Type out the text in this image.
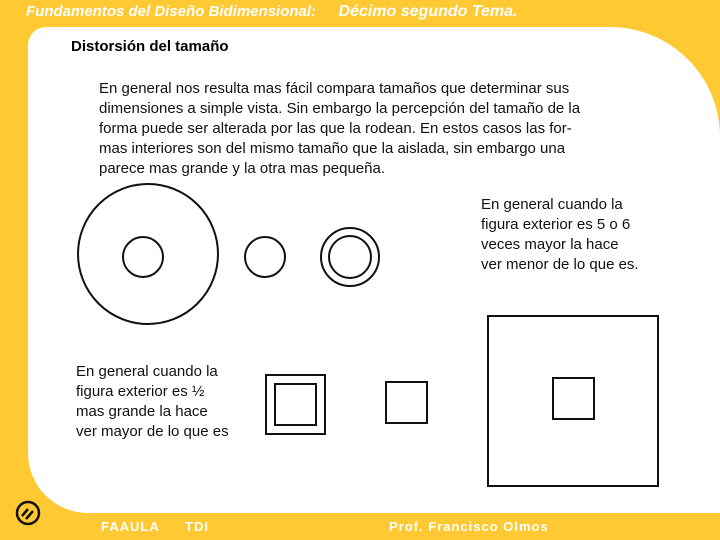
Fundamentos del Diseño Bidimensional: Décimo segundo Tema.
Distorsión del tamaño
En general nos resulta mas fácil compara tamaños que determinar sus
dimensiones a simple vista. Sin embargo la percepción del tamaño de la
forma puede ser alterada por las que la rodean. En estos casos las for-
mas interiores son del mismo tamaño que la aislada, sin embargo una
parece mas grande y la otra mas pequeña.
En general cuando la
figura exterior es 5 o 6
veces mayor la hace
ver menor de lo que es.
En general cuando la
figura exterior es ½
mas grande la hace
ver mayor de lo que es
FAAULA TDI	Prof. Francisco Olmos
